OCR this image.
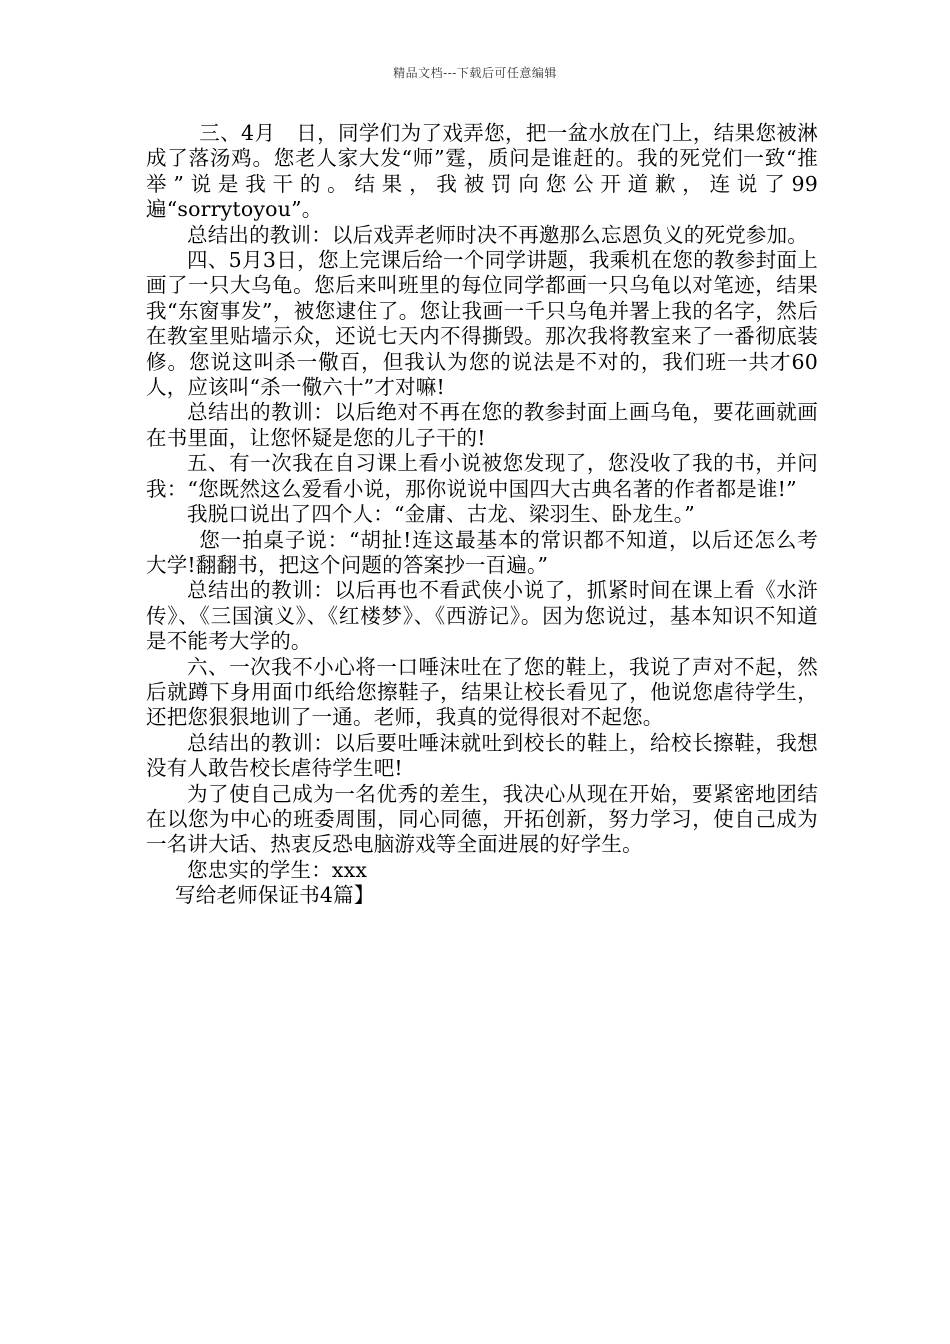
精品文档---下载后可任意编辑

三、4月　日，同学们为了戏弄您，把一盆水放在门上，结果您被淋成了落汤鸡。您老人家大发“师”霆，质问是谁赶的。我的死党们一致“推举”说是我干的。结果，我被罚向您公开道歉，连说了99遍“sorrytoyou”。

总结出的教训：以后戏弄老师时决不再邀那么忘恩负义的死党参加。

四、5月3日，您上完课后给一个同学讲题，我乘机在您的教参封面上画了一只大乌龟。您后来叫班里的每位同学都画一只乌龟以对笔迹，结果我“东窗事发”，被您逮住了。您让我画一千只乌龟并署上我的名字，然后在教室里贴墙示众，还说七天内不得撕毁。那次我将教室来了一番彻底装修。您说这叫杀一儆百，但我认为您的说法是不对的，我们班一共才60人，应该叫“杀一儆六十”才对嘛!

总结出的教训：以后绝对不再在您的教参封面上画乌龟，要花画就画在书里面，让您怀疑是您的儿子干的!

五、有一次我在自习课上看小说被您发现了，您没收了我的书，并问我：“您既然这么爱看小说，那你说说中国四大古典名著的作者都是谁!”

我脱口说出了四个人：“金庸、古龙、梁羽生、卧龙生。”

您一拍桌子说：“胡扯!连这最基本的常识都不知道，以后还怎么考大学!翻翻书，把这个问题的答案抄一百遍。”

总结出的教训：以后再也不看武侠小说了，抓紧时间在课上看《水浒传》、《三国演义》、《红楼梦》、《西游记》。因为您说过，基本知识不知道是不能考大学的。

六、一次我不小心将一口唾沫吐在了您的鞋上，我说了声对不起，然后就蹲下身用面巾纸给您擦鞋子，结果让校长看见了，他说您虐待学生，还把您狠狠地训了一通。老师，我真的觉得很对不起您。

总结出的教训：以后要吐唾沫就吐到校长的鞋上，给校长擦鞋，我想没有人敢告校长虐待学生吧!

为了使自己成为一名优秀的差生，我决心从现在开始，要紧密地团结在以您为中心的班委周围，同心同德，开拓创新，努力学习，使自己成为一名讲大话、热衷反恐电脑游戏等全面进展的好学生。

您忠实的学生：xxx

写给老师保证书4篇】
